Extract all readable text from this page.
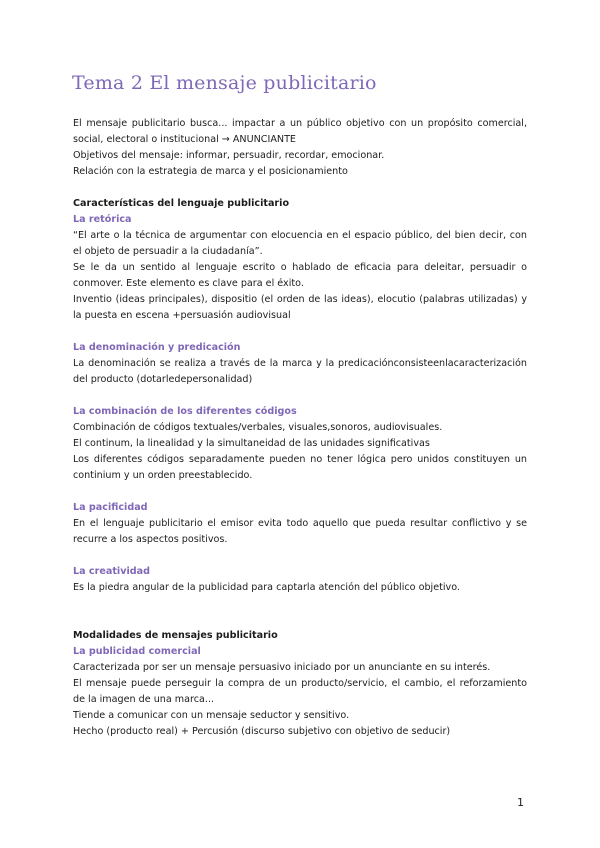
Tema 2 El mensaje publicitario

El mensaje publicitario busca... impactar a un público objetivo con un propósito comercial, social, electoral o institucional → ANUNCIANTE

Objetivos del mensaje: informar, persuadir, recordar, emocionar.

Relación con la estrategia de marca y el posicionamiento

Características del lenguaje publicitario

La retórica

“El arte o la técnica de argumentar con elocuencia en el espacio público, del bien decir, con el objeto de persuadir a la ciudadanía”.

Se le da un sentido al lenguaje escrito o hablado de eficacia para deleitar, persuadir o conmover. Este elemento es clave para el éxito.

Inventio (ideas principales), dispositio (el orden de las ideas), elocutio (palabras utilizadas) y la puesta en escena +persuasión audiovisual

La denominación y predicación

La denominación se realiza a través de la marca y la predicaciónconsisteenlacaracterización del producto (dotarledepersonalidad)

La combinación de los diferentes códigos

Combinación de códigos textuales/verbales, visuales,sonoros, audiovisuales.

El continum, la linealidad y la simultaneidad de las unidades significativas

Los diferentes códigos separadamente pueden no tener lógica pero unidos constituyen un continium y un orden preestablecido.

La pacificidad

En el lenguaje publicitario el emisor evita todo aquello que pueda resultar conflictivo y se recurre a los aspectos positivos.

La creatividad

Es la piedra angular de la publicidad para captarla atención del público objetivo.

Modalidades de mensajes publicitario

La publicidad comercial

Caracterizada por ser un mensaje persuasivo iniciado por un anunciante en su interés.

El mensaje puede perseguir la compra de un producto/servicio, el cambio, el reforzamiento de la imagen de una marca...

Tiende a comunicar con un mensaje seductor y sensitivo.

Hecho (producto real) + Percusión (discurso subjetivo con objetivo de seducir)

1
